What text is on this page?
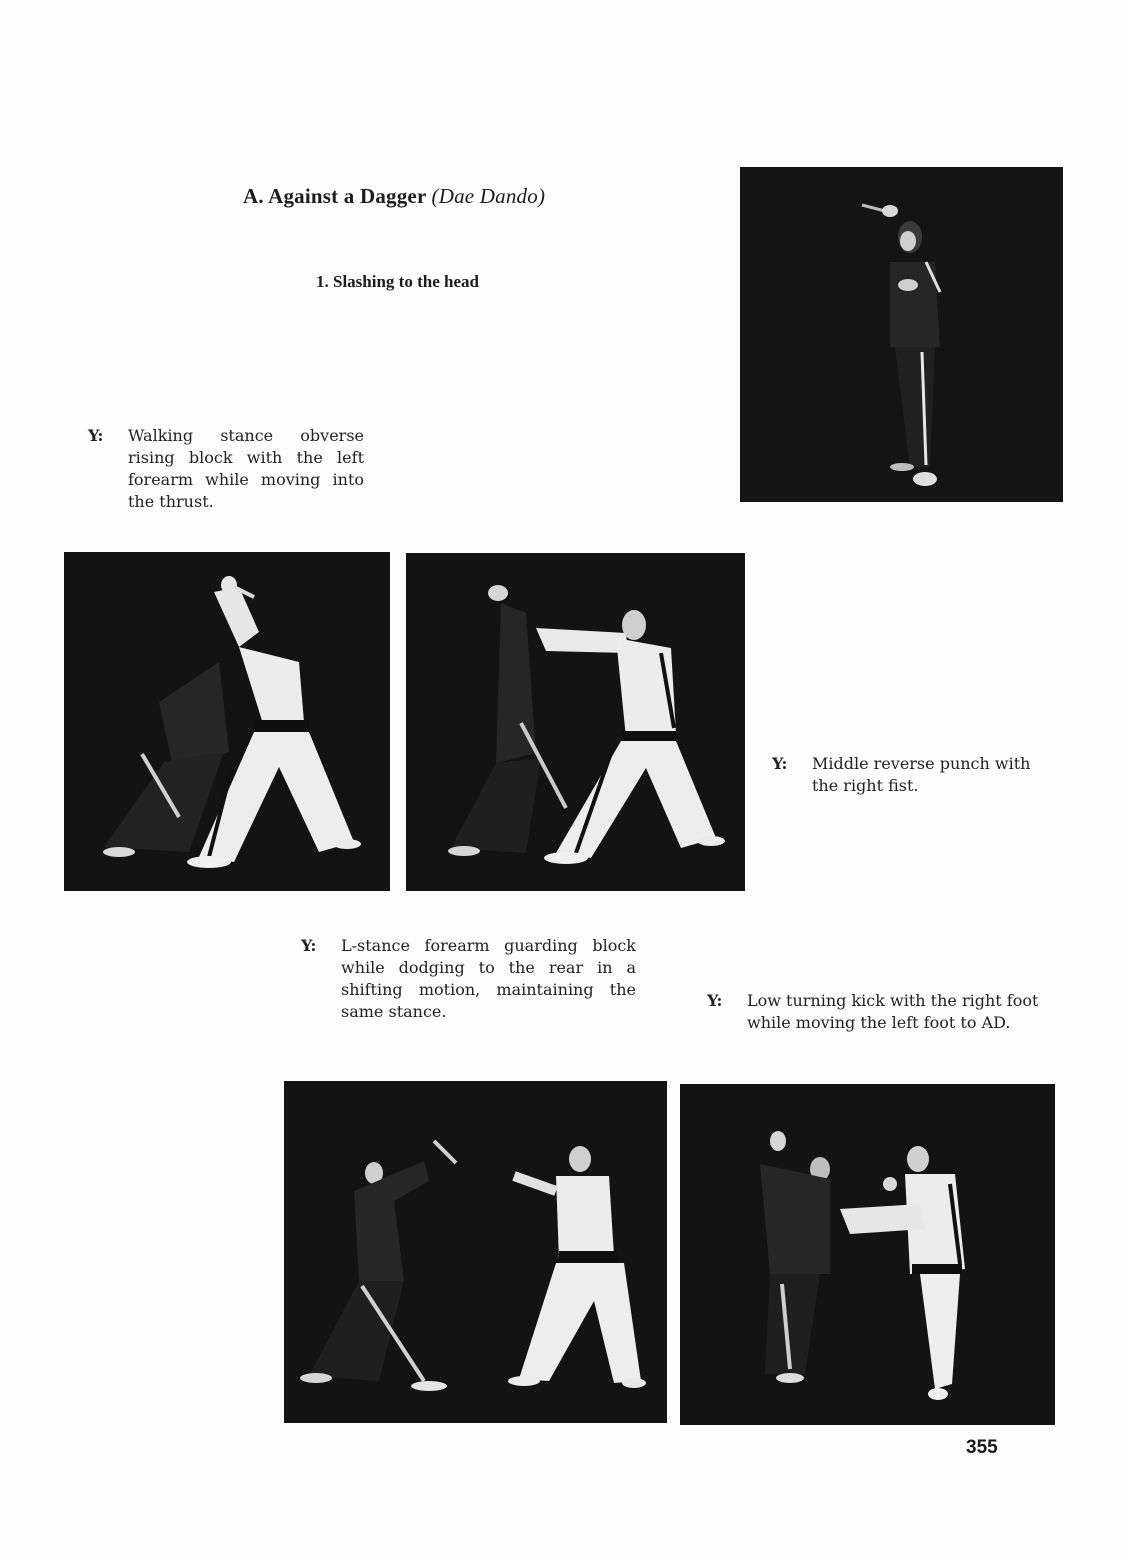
A. Against a Dagger (Dae Dando)
1. Slashing to the head
Y: Walking stance obverse rising block with the left forearm while moving into the thrust.
Y: Middle reverse punch with the right fist.
Y: L-stance forearm guarding block while dodging to the rear in a shifting motion, maintaining the same stance.
Y: Low turning kick with the right foot while moving the left foot to AD.
355
